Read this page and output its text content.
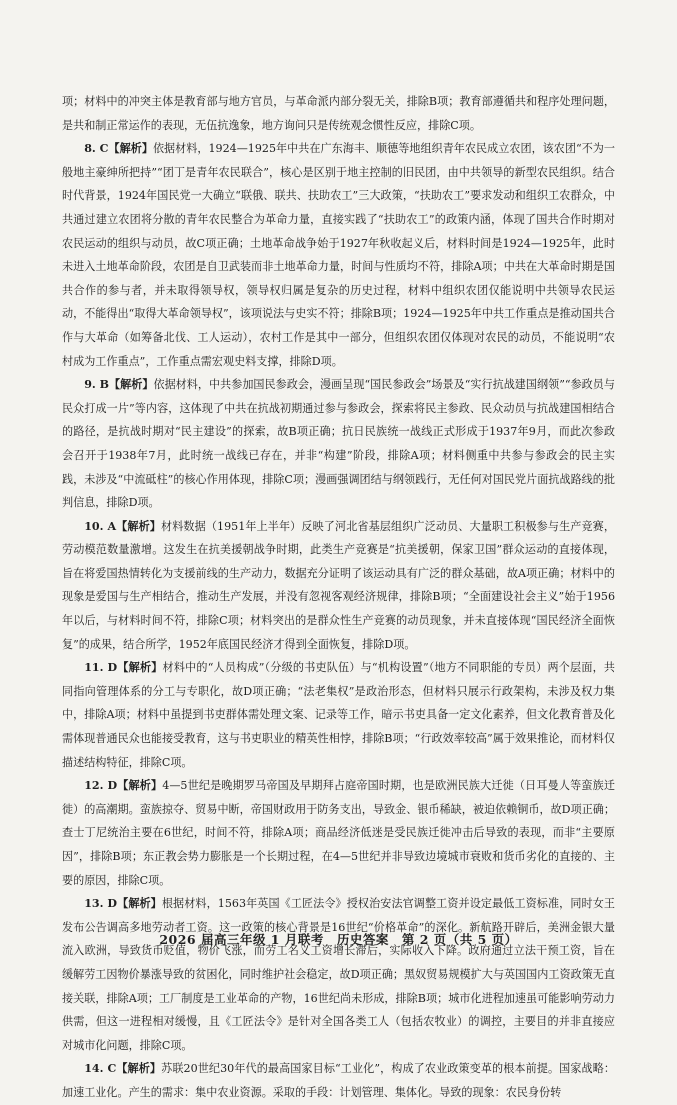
项；材料中的冲突主体是教育部与地方官员，与革命派内部分裂无关，排除B项；教育部遵循共和程序处理问题，是共和制正常运作的表现，无伍抗逸象，地方询问只是传统观念惯性反应，排除C项。

8. C【解析】依据材料，1924—1925年中共在广东海丰、顺德等地组织青年农民成立农团，该农团“不为一般地主豪绅所把持”“团丁是青年农民联合”，核心是区别于地主控制的旧民团，由中共领导的新型农民组织。结合时代背景，1924年国民党一大确立“联俄、联共、扶助农工”三大政策，“扶助农工”要求发动和组织工农群众，中共通过建立农团将分散的青年农民整合为革命力量，直接实践了“扶助农工”的政策内涵，体现了国共合作时期对农民运动的组织与动员，故C项正确；土地革命战争始于1927年秋收起义后，材料时间是1924—1925年，此时未进入土地革命阶段，农团是自卫武装而非土地革命力量，时间与性质均不符，排除A项；中共在大革命时期是国共合作的参与者，并未取得领导权，领导权归属是复杂的历史过程，材料中组织农团仅能说明中共领导农民运动，不能得出“取得大革命领导权”，该项说法与史实不符；排除B项；1924—1925年中共工作重点是推动国共合作与大革命（如筹备北伐、工人运动），农村工作是其中一部分，但组织农团仅体现对农民的动员，不能说明“农村成为工作重点”，工作重点需宏观史料支撑，排除D项。

9. B【解析】依据材料，中共参加国民参政会，漫画呈现“国民参政会”场景及“实行抗战建国纲领”“参政员与民众打成一片”等内容，这体现了中共在抗战初期通过参与参政会，探索将民主参政、民众动员与抗战建国相结合的路径，是抗战时期对“民主建设”的探索，故B项正确；抗日民族统一战线正式形成于1937年9月，而此次参政会召开于1938年7月，此时统一战线已存在，并非“构建”阶段，排除A项；材料侧重中共参与参政会的民主实践，未涉及“中流砥柱”的核心作用体现，排除C项；漫画强调团结与纲领践行，无任何对国民党片面抗战路线的批判信息，排除D项。

10. A【解析】材料数据（1951年上半年）反映了河北省基层组织广泛动员、大量职工积极参与生产竞赛，劳动模范数量激增。这发生在抗美援朝战争时期，此类生产竞赛是“抗美援朝，保家卫国”群众运动的直接体现，旨在将爱国热情转化为支援前线的生产动力，数据充分证明了该运动具有广泛的群众基础，故A项正确；材料中的现象是爱国与生产相结合，推动生产发展，并没有忽视客观经济规律，排除B项；“全面建设社会主义”始于1956年以后，与材料时间不符，排除C项；材料突出的是群众性生产竞赛的动员现象，并未直接体现“国民经济全面恢复”的成果，结合所学，1952年底国民经济才得到全面恢复，排除D项。

11. D【解析】材料中的“人员构成”（分级的书吏队伍）与“机构设置”（地方不同职能的专员）两个层面，共同指向管理体系的分工与专职化，故D项正确；“法老集权”是政治形态，但材料只展示行政架构，未涉及权力集中，排除A项；材料中虽提到书吏群体需处理文案、记录等工作，暗示书吏具备一定文化素养，但文化教育普及化需体现普通民众也能接受教育，这与书吏职业的精英性相悖，排除B项；“行政效率较高”属于效果推论，而材料仅描述结构特征，排除C项。

12. D【解析】4—5世纪是晚期罗马帝国及早期拜占庭帝国时期，也是欧洲民族大迁徙（日耳曼人等蛮族迁徙）的高潮期。蛮族掠夺、贸易中断，帝国财政用于防务支出，导致金、银币稀缺，被迫依赖铜币，故D项正确；查士丁尼统治主要在6世纪，时间不符，排除A项；商品经济低迷是受民族迁徙冲击后导致的表现，而非“主要原因”，排除B项；东正教会势力膨胀是一个长期过程，在4—5世纪并非导致边境城市衰败和货币劣化的直接的、主要的原因，排除C项。

13. D【解析】根据材料，1563年英国《工匠法令》授权治安法官调整工资并设定最低工资标准，同时女王发布公告调高多地劳动者工资。这一政策的核心背景是16世纪“价格革命”的深化。新航路开辟后，美洲金银大量流入欧洲，导致货币贬值，物价飞涨，而劳工名义工资增长滞后，实际收入下降。政府通过立法干预工资，旨在缓解劳工因物价暴涨导致的贫困化，同时维护社会稳定，故D项正确；黑奴贸易规模扩大与英国国内工资政策无直接关联，排除A项；工厂制度是工业革命的产物，16世纪尚未形成，排除B项；城市化进程加速虽可能影响劳动力供需，但这一进程相对缓慢，且《工匠法令》是针对全国各类工人（包括农牧业）的调控，主要目的并非直接应对城市化问题，排除C项。

14. C【解析】苏联20世纪30年代的最高国家目标“工业化”，构成了农业政策变革的根本前提。国家战略：加速工业化。产生的需求：集中农业资源。采取的手段：计划管理、集体化。导致的现象：农民身份转

2026 届高三年级 1 月联考　历史答案　第 2 页（共 5 页）
